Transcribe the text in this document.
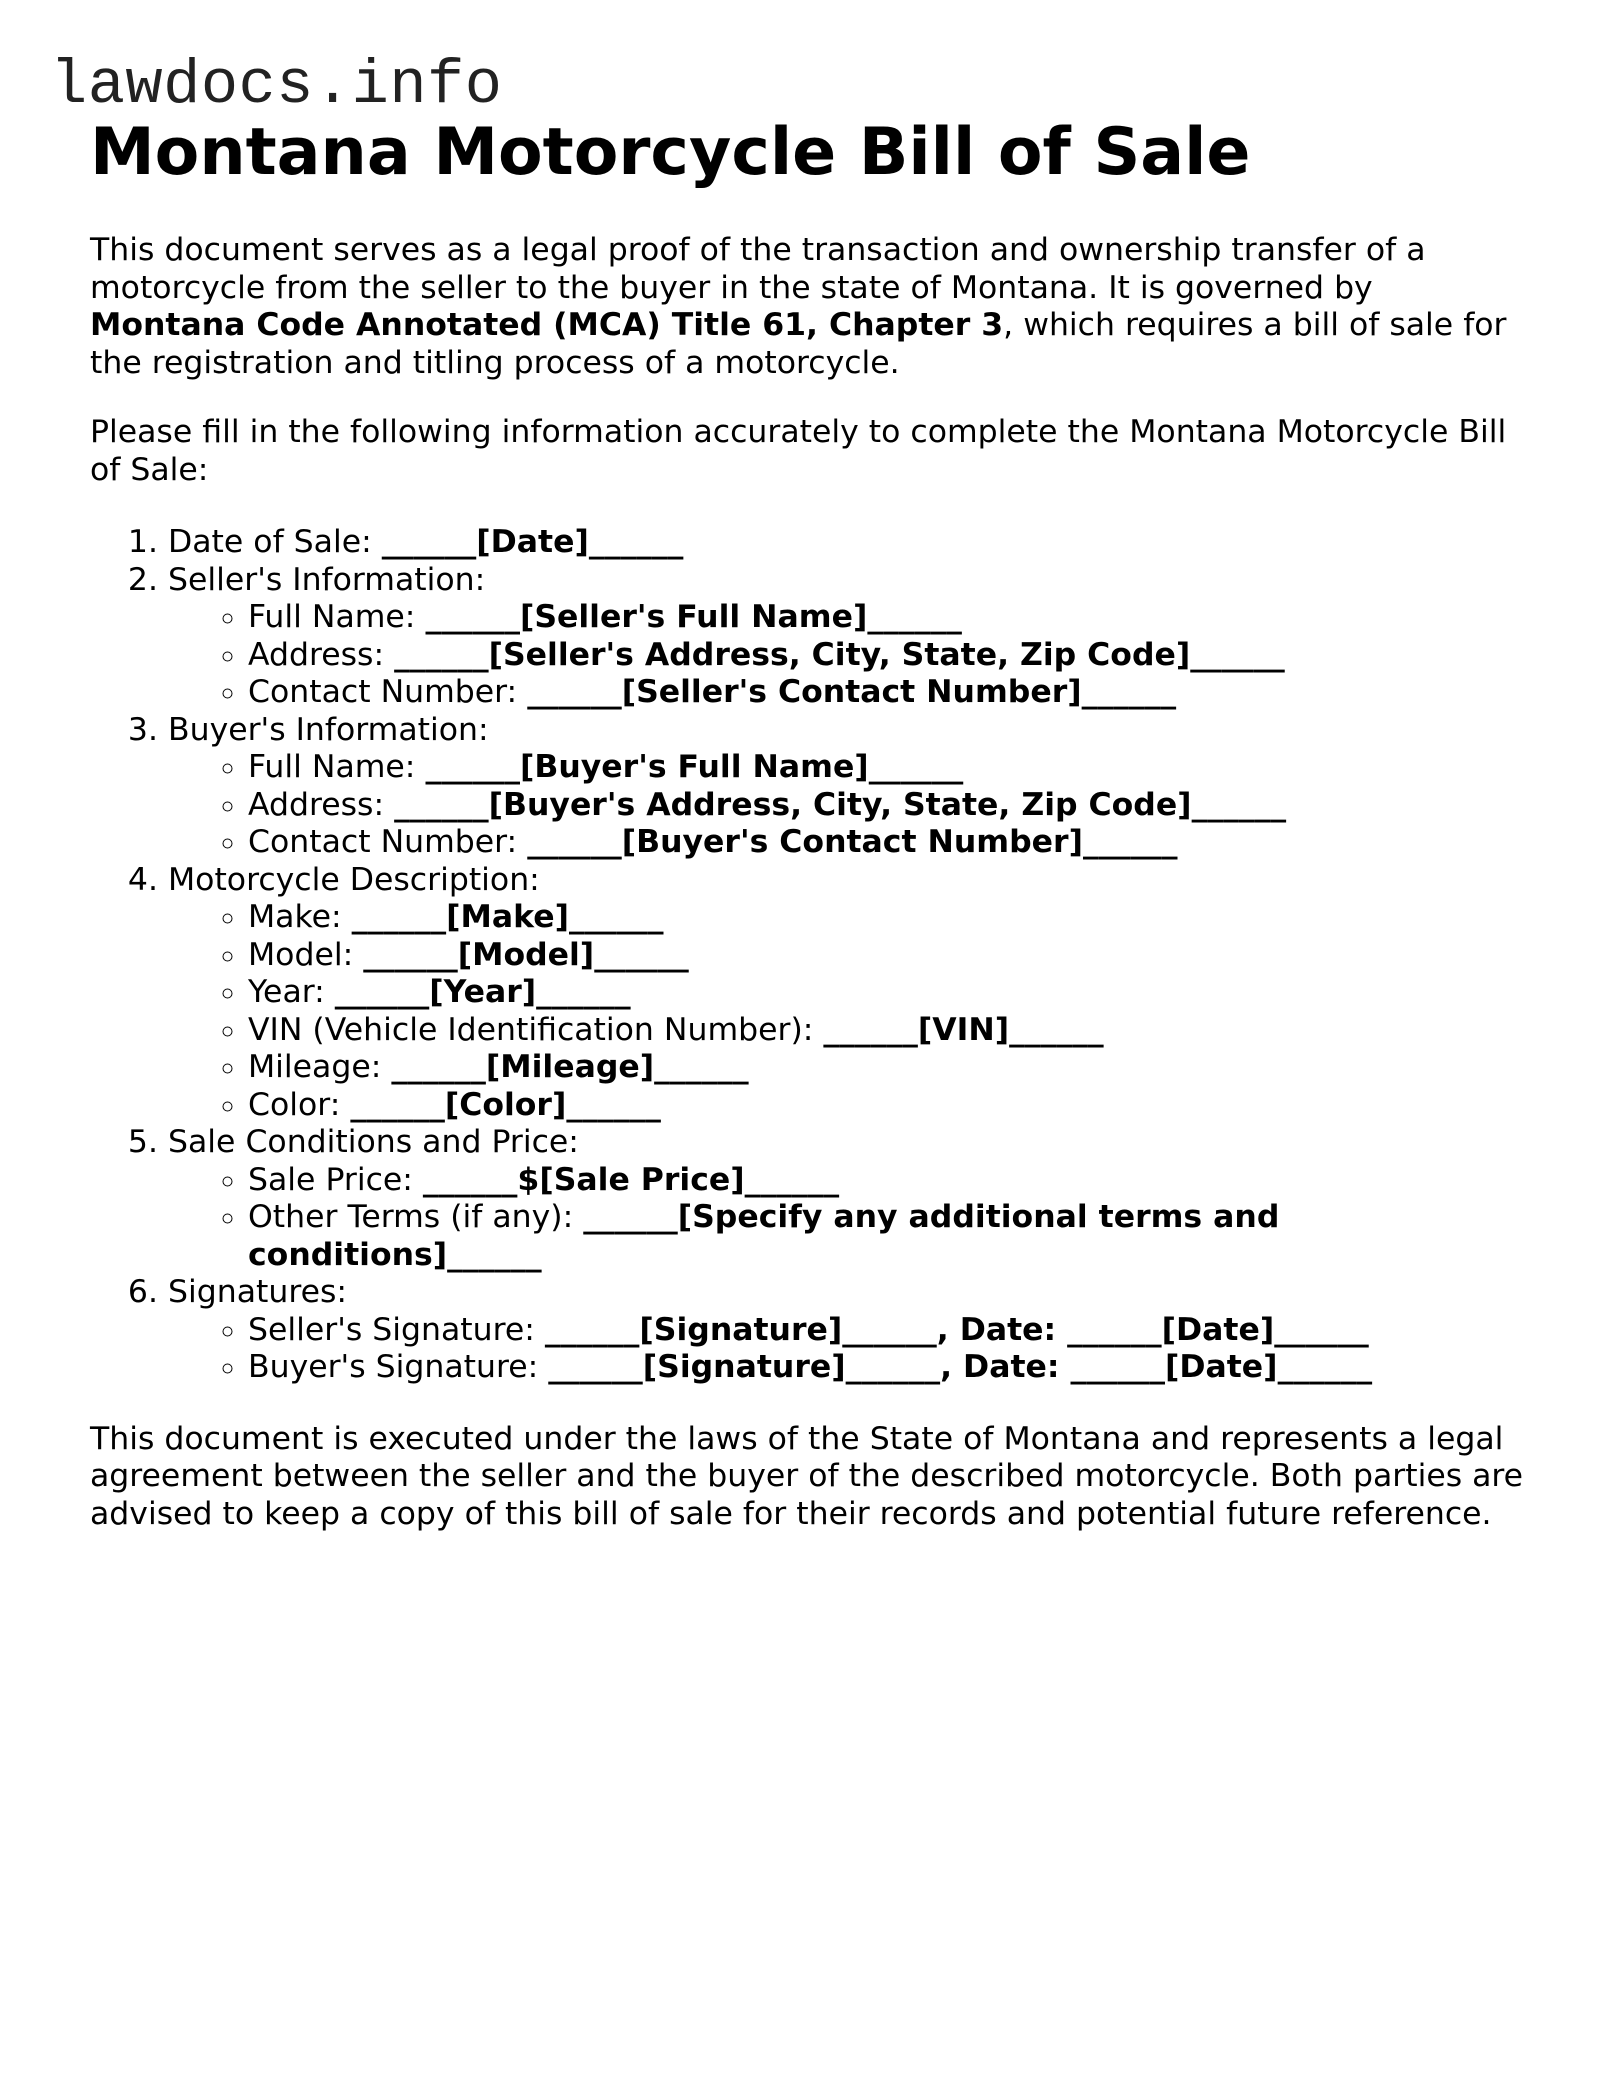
lawdocs.info
Montana Motorcycle Bill of Sale

This document serves as a legal proof of the transaction and ownership transfer of a motorcycle from the seller to the buyer in the state of Montana. It is governed by Montana Code Annotated (MCA) Title 61, Chapter 3, which requires a bill of sale for the registration and titling process of a motorcycle.

Please fill in the following information accurately to complete the Montana Motorcycle Bill of Sale:

1. Date of Sale: ______[Date]______
2. Seller's Information:
◦ Full Name: ______[Seller's Full Name]______
◦ Address: ______[Seller's Address, City, State, Zip Code]______
◦ Contact Number: ______[Seller's Contact Number]______
3. Buyer's Information:
◦ Full Name: ______[Buyer's Full Name]______
◦ Address: ______[Buyer's Address, City, State, Zip Code]______
◦ Contact Number: ______[Buyer's Contact Number]______
4. Motorcycle Description:
◦ Make: ______[Make]______
◦ Model: ______[Model]______
◦ Year: ______[Year]______
◦ VIN (Vehicle Identification Number): ______[VIN]______
◦ Mileage: ______[Mileage]______
◦ Color: ______[Color]______
5. Sale Conditions and Price:
◦ Sale Price: ______$[Sale Price]______
◦ Other Terms (if any): ______[Specify any additional terms and conditions]______
6. Signatures:
◦ Seller's Signature: ______[Signature]______, Date: ______[Date]______
◦ Buyer's Signature: ______[Signature]______, Date: ______[Date]______

This document is executed under the laws of the State of Montana and represents a legal agreement between the seller and the buyer of the described motorcycle. Both parties are advised to keep a copy of this bill of sale for their records and potential future reference.
